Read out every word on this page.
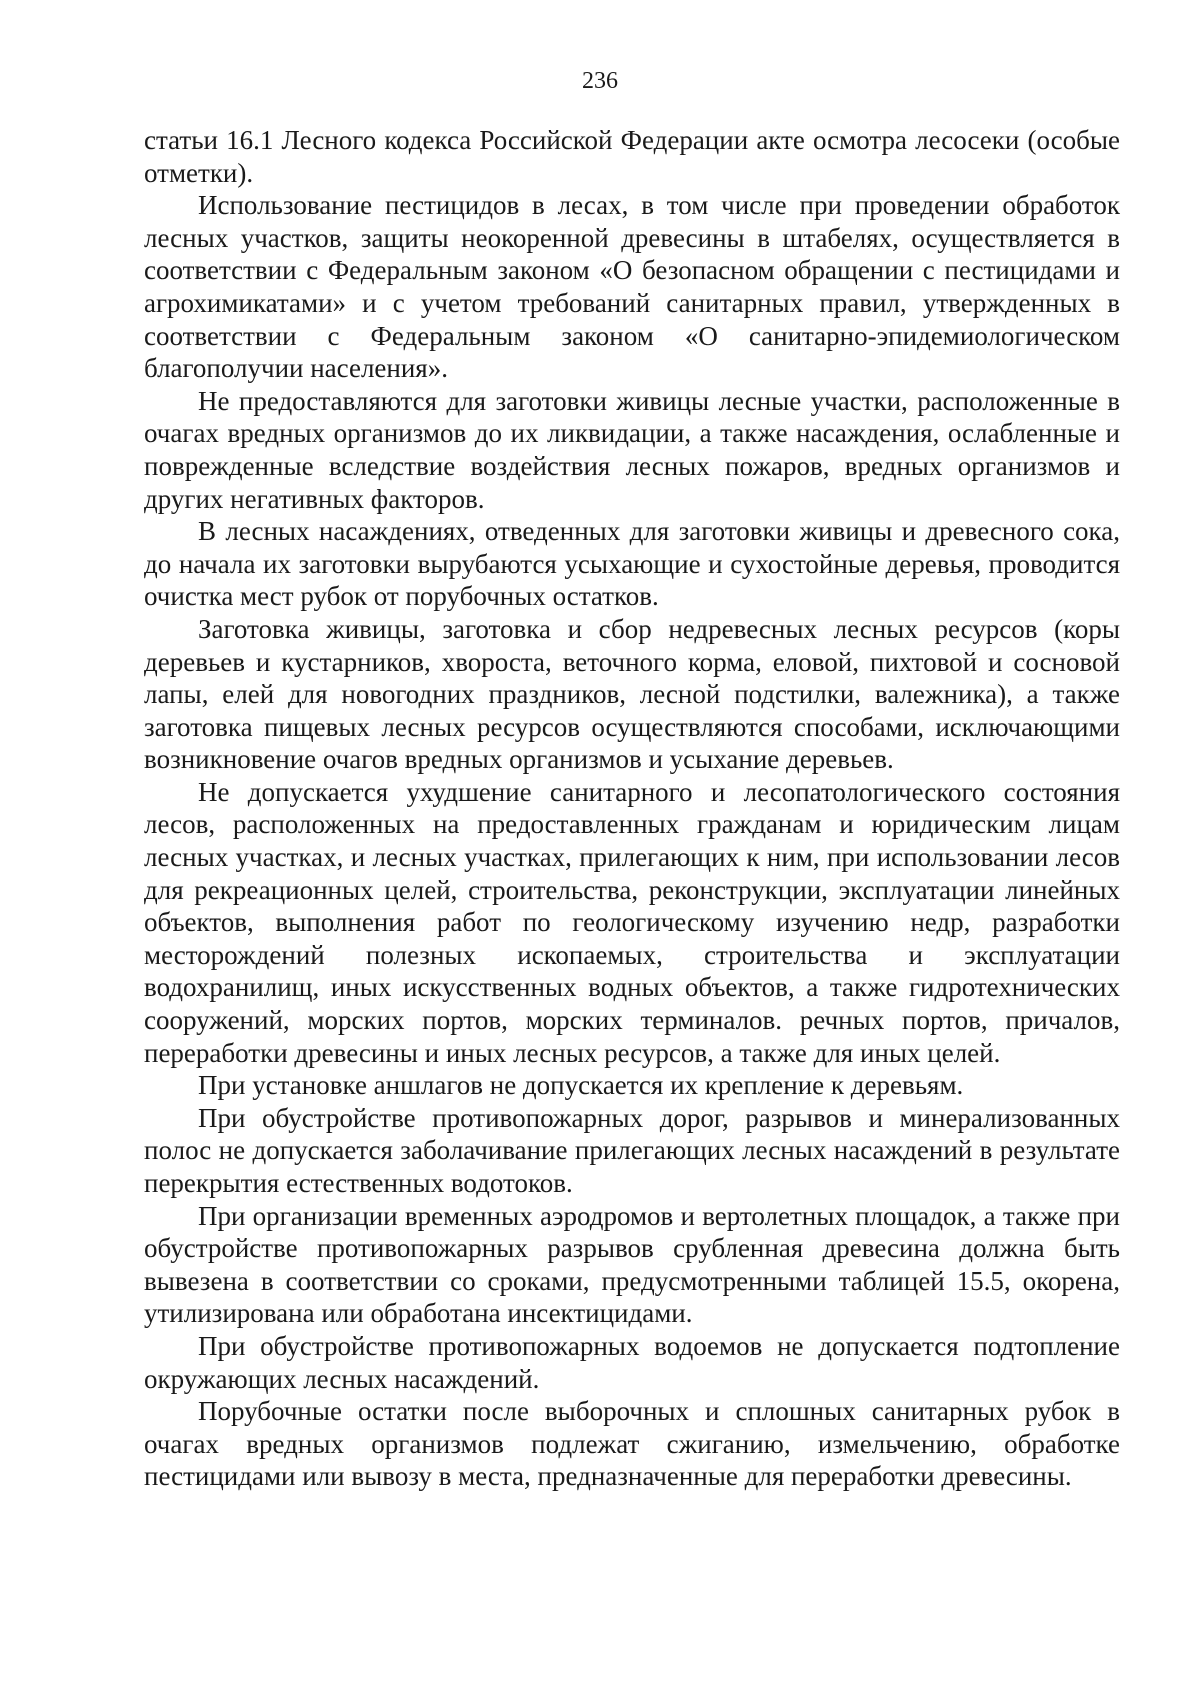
236

статьи 16.1 Лесного кодекса Российской Федерации акте осмотра лесосеки (особые отметки).

Использование пестицидов в лесах, в том числе при проведении обработок лесных участков, защиты неокоренной древесины в штабелях, осуществляется в соответствии с Федеральным законом «О безопасном обращении с пестицидами и агрохимикатами» и с учетом требований санитарных правил, утвержденных в соответствии с Федеральным законом «О санитарно-эпидемиологическом благополучии населения».

Не предоставляются для заготовки живицы лесные участки, расположенные в очагах вредных организмов до их ликвидации, а также насаждения, ослабленные и поврежденные вследствие воздействия лесных пожаров, вредных организмов и других негативных факторов.

В лесных насаждениях, отведенных для заготовки живицы и древесного сока, до начала их заготовки вырубаются усыхающие и сухостойные деревья, проводится очистка мест рубок от порубочных остатков.

Заготовка живицы, заготовка и сбор недревесных лесных ресурсов (коры деревьев и кустарников, хвороста, веточного корма, еловой, пихтовой и сосновой лапы, елей для новогодних праздников, лесной подстилки, валежника), а также заготовка пищевых лесных ресурсов осуществляются способами, исключающими возникновение очагов вредных организмов и усыхание деревьев.

Не допускается ухудшение санитарного и лесопатологического состояния лесов, расположенных на предоставленных гражданам и юридическим лицам лесных участках, и лесных участках, прилегающих к ним, при использовании лесов для рекреационных целей, строительства, реконструкции, эксплуатации линейных объектов, выполнения работ по геологическому изучению недр, разработки месторождений полезных ископаемых, строительства и эксплуатации водохранилищ, иных искусственных водных объектов, а также гидротехнических сооружений, морских портов, морских терминалов. речных портов, причалов, переработки древесины и иных лесных ресурсов, а также для иных целей.

При установке аншлагов не допускается их крепление к деревьям.

При обустройстве противопожарных дорог, разрывов и минерализованных полос не допускается заболачивание прилегающих лесных насаждений в результате перекрытия естественных водотоков.

При организации временных аэродромов и вертолетных площадок, а также при обустройстве противопожарных разрывов срубленная древесина должна быть вывезена в соответствии со сроками, предусмотренными таблицей 15.5, окорена, утилизирована или обработана инсектицидами.

При обустройстве противопожарных водоемов не допускается подтопление окружающих лесных насаждений.

Порубочные остатки после выборочных и сплошных санитарных рубок в очагах вредных организмов подлежат сжиганию, измельчению, обработке пестицидами или вывозу в места, предназначенные для переработки древесины.
